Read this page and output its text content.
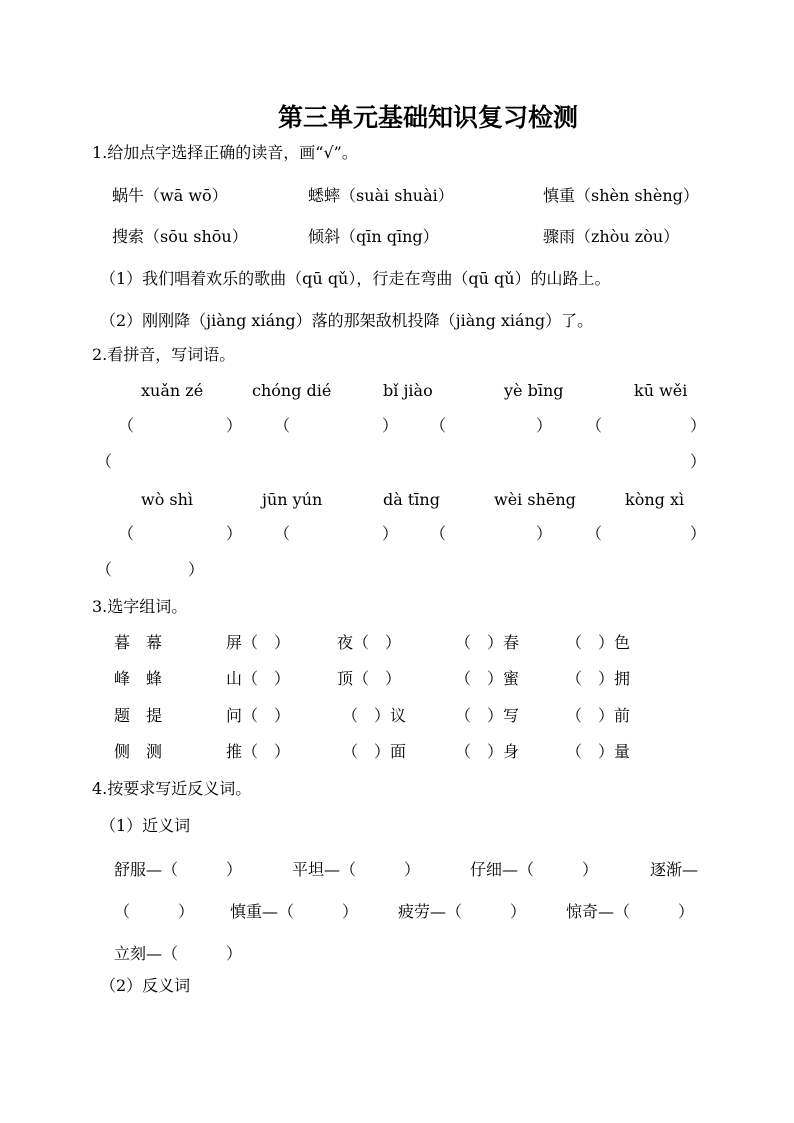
第三单元基础知识复习检测
1.给加点字选择正确的读音，画“√”。
蜗牛（wā wō）	蟋蟀（suài shuài）	慎重（shèn shèng）
搜索（sōu shōu）	倾斜（qīn qīng）	骤雨（zhòu zòu）
（1）我们唱着欢乐的歌曲（qū qǔ），行走在弯曲（qū qǔ）的山路上。
（2）刚刚降（jiàng xiáng）落的那架敌机投降（jiàng xiáng）了。
2.看拼音，写词语。
xuǎn zé	chóng dié	bǐ jiào	yè bīng	kū wěi
（	） （	） （	） （	）
（	）
wò shì	jūn yún	dà tīng	wèi shēng	kòng xì
（	） （	） （	） （	）
（	）
3.选字组词。
暮　幕	屏（　）	夜（　）	（　）春	（　）色
峰　蜂	山（　）	顶（　）	（　）蜜	（　）拥
题　提	问（　）	（　）议	（　）写	（　）前
侧　测	推（　）	（　）面	（　）身	（　）量
4.按要求写近反义词。
（1）近义词
舒服—（　　　）	平坦—（　　　）	仔细—（　　　）	逐渐—
（　　　） 慎重—（　　　） 疲劳—（　　　） 惊奇—（　　　）
立刻—（　　　）
（2）反义词
